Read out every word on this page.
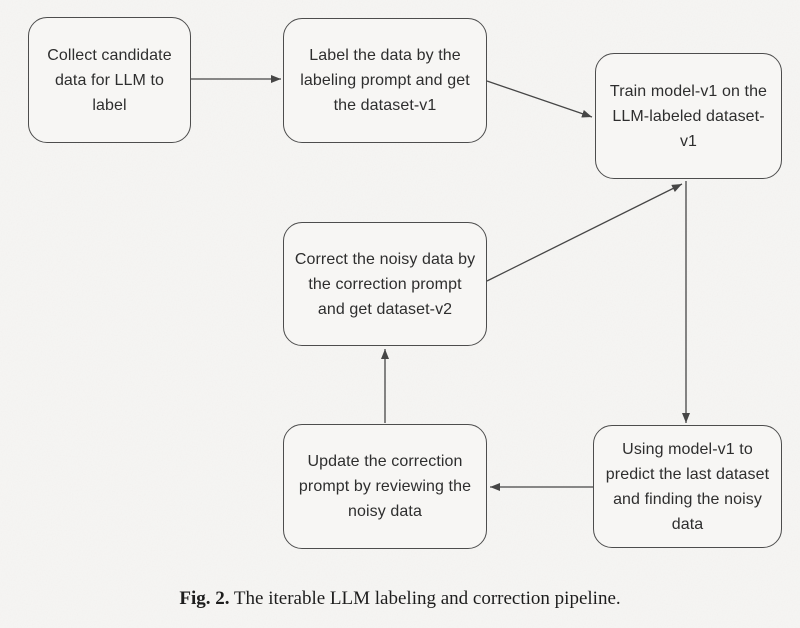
Collect candidate data for LLM to label
Label the data by the labeling prompt and get the dataset-v1
Train model-v1 on the LLM-labeled dataset-v1
Correct the noisy data by the correction prompt and get dataset-v2
Update the correction prompt by reviewing the noisy data
Using model-v1 to predict the last dataset and finding the noisy data
Fig. 2. The iterable LLM labeling and correction pipeline.
